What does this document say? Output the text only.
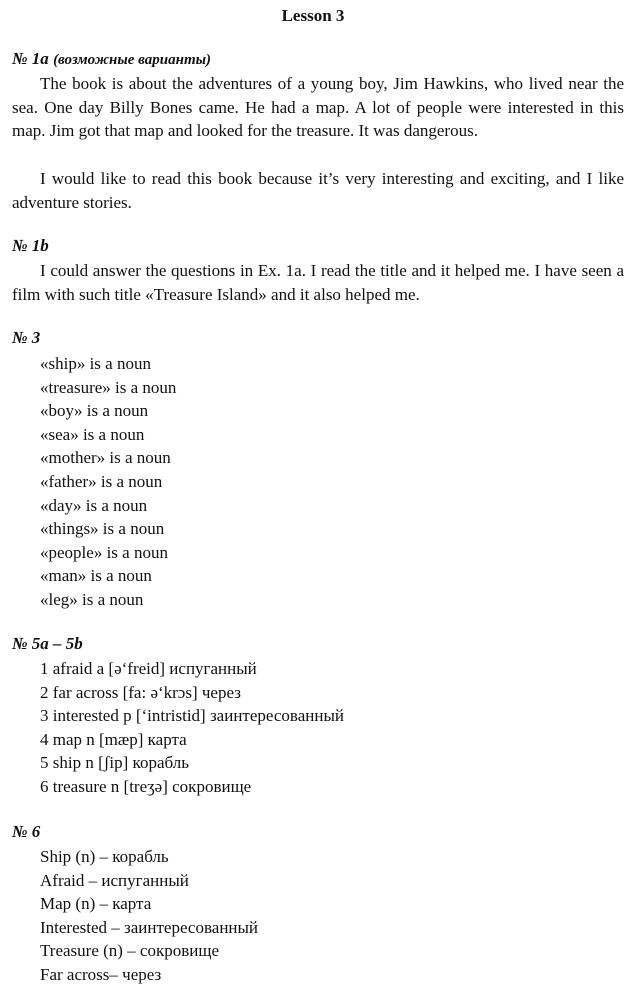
Lesson 3
№ 1a (возможные варианты)

The book is about the adventures of a young boy, Jim Hawkins, who lived near the sea. One day Billy Bones came. He had a map. A lot of people were interested in this map. Jim got that map and looked for the treasure. It was dangerous.

I would like to read this book because it’s very interesting and exciting, and I like adventure stories.

№ 1b

I could answer the questions in Ex. 1a. I read the title and it helped me. I have seen a film with such title «Treasure Island» and it also helped me.

№ 3
«ship» is a noun
«treasure» is a noun
«boy» is a noun
«sea» is a noun
«mother» is a noun
«father» is a noun
«day» is a noun
«things» is a noun
«people» is a noun
«man» is a noun
«leg» is a noun
№ 5a – 5b
1 afraid a [ə‘freid] испуганный
2 far across [fa: ə‘krɔs] через
3 interested p [‘intristid] заинтересованный
4 map n [mæp] карта
5 ship n [ʃip] корабль
6 treasure n [treʒə] сокровище
№ 6
Ship (n) – корабль
Afraid – испуганный
Map (n) – карта
Interested – заинтересованный
Treasure (n) – сокровище
Far across– через
